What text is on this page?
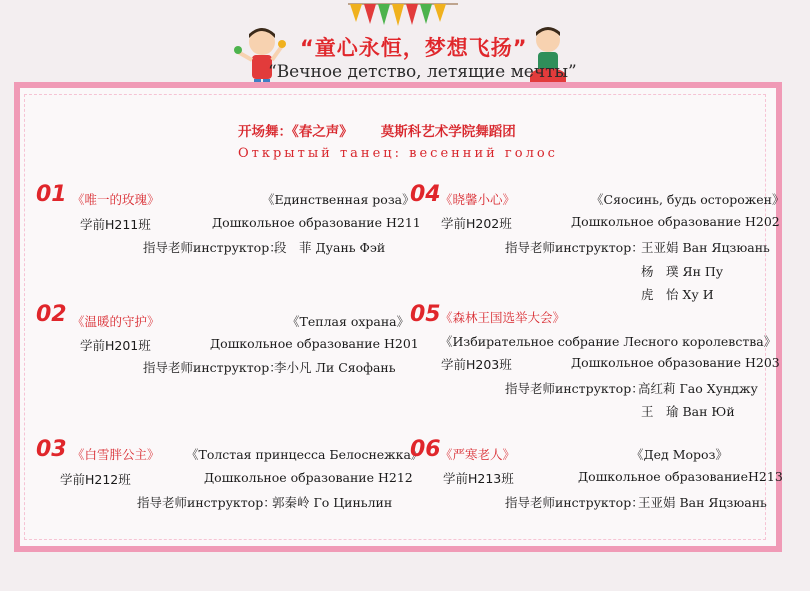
“童心永恒，梦想飞扬”
“Вечное детство, летящие мечты”
开场舞：《春之声》 莫斯科艺术学院舞蹈团
Открытый танец: весенний голос
01 《唯一的玫瑰》	《Единственная роза》
学前H211班	Дошкольное образование H211
指导老师инструктор：
段　菲 Дуань Фэй
02 《温暖的守护》	《Теплая охрана》
学前H201班	Дошкольное образование H201
指导老师инструктор：
李小凡 Ли Сяофань
03 《白雪胖公主》 《Толстая принцесса Белоснежка》
学前H212班	Дошкольное образование H212
指导老师инструктор：
郭秦岭 Го Циньлин
04 《晓馨小心》	《Сяосинь, будь осторожен》
学前H202班	Дошкольное образование H202
指导老师инструктор：
王亚娟 Ван Яцзюань
杨　璞 Ян Пу
虎　怡 Ху И
05 《森林王国选举大会》
《Избирательное собрание Лесного королевства》
学前H203班	Дошкольное образование H203
指导老师инструктор：
高红莉 Гао Хунджу
王　瑜 Ван Юй
06 《严寒老人》	《Дед Мороз》
学前H213班	Дошкольное образованиеH213
指导老师инструктор：
王亚娟 Ван Яцзюань
